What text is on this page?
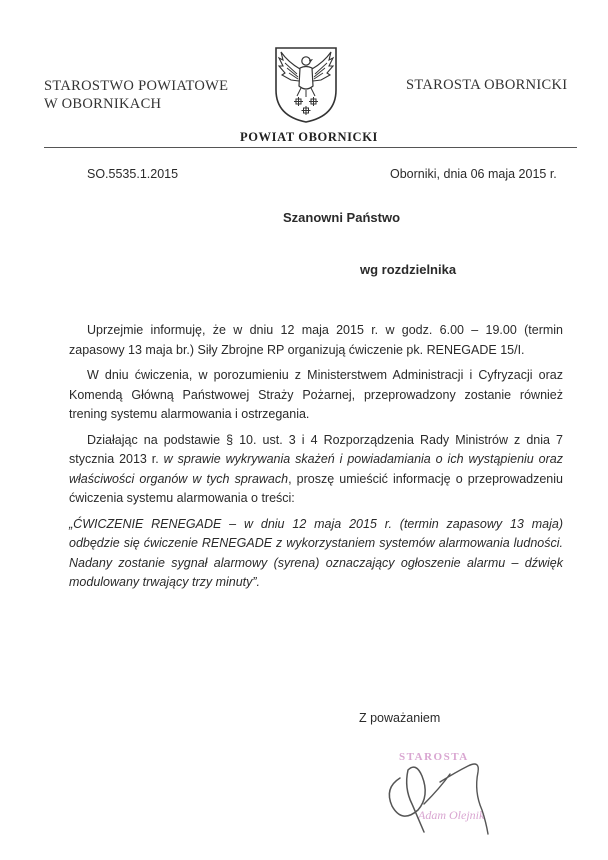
STAROSTWO POWIATOWE
W OBORNIKACH
STAROSTA OBORNICKI
POWIAT OBORNICKI
SO.5535.1.2015	Oborniki, dnia 06 maja 2015 r.
Szanowni Państwo
wg rozdzielnika

Uprzejmie informuję, że w dniu 12 maja 2015 r. w godz. 6.00 – 19.00 (termin zapasowy 13 maja br.) Siły Zbrojne RP organizują ćwiczenie pk. RENEGADE 15/I.

W dniu ćwiczenia, w porozumieniu z Ministerstwem Administracji i Cyfryzacji oraz Komendą Główną Państwowej Straży Pożarnej, przeprowadzony zostanie również trening systemu alarmowania i ostrzegania.

Działając na podstawie § 10. ust. 3 i 4 Rozporządzenia Rady Ministrów z dnia 7 stycznia 2013 r. w sprawie wykrywania skażeń i powiadamiania o ich wystąpieniu oraz właściwości organów w tych sprawach, proszę umieścić informację o przeprowadzeniu ćwiczenia systemu alarmowania o treści:

„ĆWICZENIE RENEGADE – w dniu 12 maja 2015 r. (termin zapasowy 13 maja) odbędzie się ćwiczenie RENEGADE z wykorzystaniem systemów alarmowania ludności. Nadany zostanie sygnał alarmowy (syrena) oznaczający ogłoszenie alarmu – dźwięk modulowany trwający trzy minuty”.

Z poważaniem
STAROSTA
Adam Olejnik
